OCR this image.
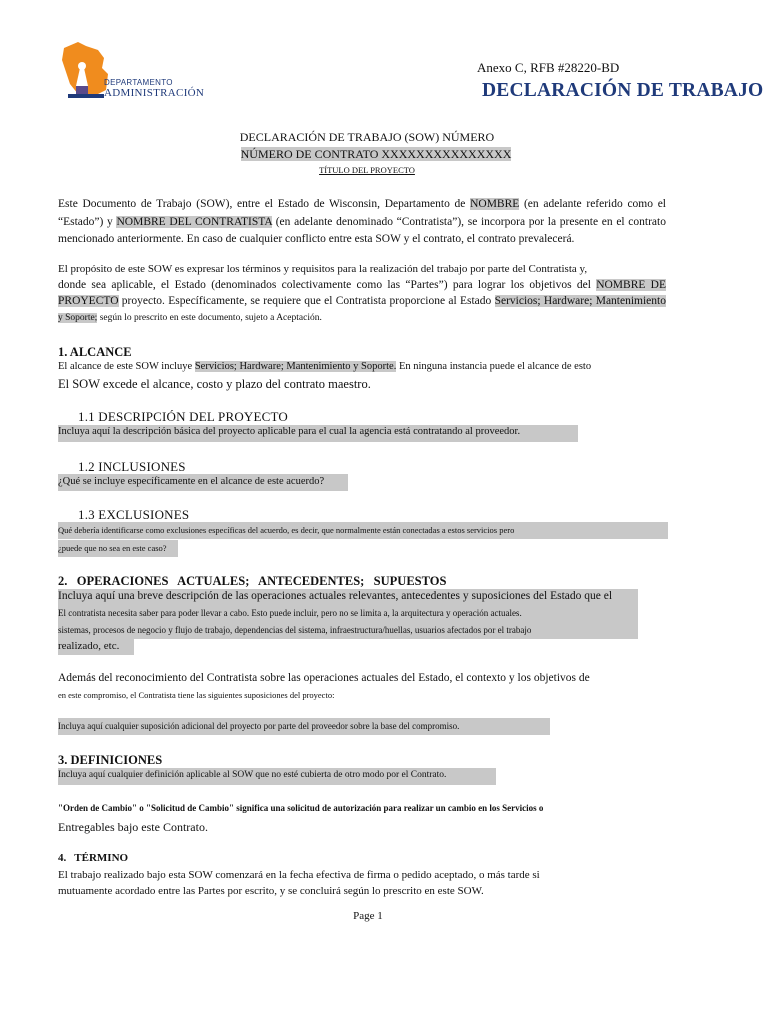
DEPARTAMENTO
ADMINISTRACIÓN
Anexo C, RFB #28220-BD
DECLARACIÓN DE TRABAJO
DECLARACIÓN DE TRABAJO (SOW) NÚMERO
NÚMERO DE CONTRATO XXXXXXXXXXXXXXX
TÍTULO DEL PROYECTO
Este Documento de Trabajo (SOW), entre el Estado de Wisconsin, Departamento de NOMBRE (en adelante referido como el “Estado”) y NOMBRE DEL CONTRATISTA (en adelante denominado “Contratista”), se incorpora por la presente en el contrato mencionado anteriormente. En caso de cualquier conflicto entre esta SOW y el contrato, el contrato prevalecerá.
El propósito de este SOW es expresar los términos y requisitos para la realización del trabajo por parte del Contratista y,
donde sea aplicable, el Estado (denominados colectivamente como las “Partes”) para lograr los objetivos del NOMBRE DE
PROYECTO proyecto. Específicamente, se requiere que el Contratista proporcione al Estado Servicios; Hardware; Mantenimiento
y Soporte; según lo prescrito en este documento, sujeto a Aceptación.
1. ALCANCE
El alcance de este SOW incluye Servicios; Hardware; Mantenimiento y Soporte. En ninguna instancia puede el alcance de esto
El SOW excede el alcance, costo y plazo del contrato maestro.
1.1 DESCRIPCIÓN DEL PROYECTO
Incluya aquí la descripción básica del proyecto aplicable para el cual la agencia está contratando al proveedor.
1.2 INCLUSIONES
¿Qué se incluye específicamente en el alcance de este acuerdo?
1.3 EXCLUSIONES
Qué debería identificarse como exclusiones específicas del acuerdo, es decir, que normalmente están conectadas a estos servicios pero
¿puede que no sea en este caso?
2.   OPERACIONES   ACTUALES;   ANTECEDENTES;   SUPUESTOS
Incluya aquí una breve descripción de las operaciones actuales relevantes, antecedentes y suposiciones del Estado que el
El contratista necesita saber para poder llevar a cabo. Esto puede incluir, pero no se limita a, la arquitectura y operación actuales.
sistemas, procesos de negocio y flujo de trabajo, dependencias del sistema, infraestructura/huellas, usuarios afectados por el trabajo
realizado, etc.
Además del reconocimiento del Contratista sobre las operaciones actuales del Estado, el contexto y los objetivos de
en este compromiso, el Contratista tiene las siguientes suposiciones del proyecto:
Incluya aquí cualquier suposición adicional del proyecto por parte del proveedor sobre la base del compromiso.
3. DEFINICIONES
Incluya aquí cualquier definición aplicable al SOW que no esté cubierta de otro modo por el Contrato.
"Orden de Cambio" o "Solicitud de Cambio" significa una solicitud de autorización para realizar un cambio en los Servicios o
Entregables bajo este Contrato.
4.   TÉRMINO
El trabajo realizado bajo esta SOW comenzará en la fecha efectiva de firma o pedido aceptado, o más tarde si
mutuamente acordado entre las Partes por escrito, y se concluirá según lo prescrito en este SOW.
Page 1
